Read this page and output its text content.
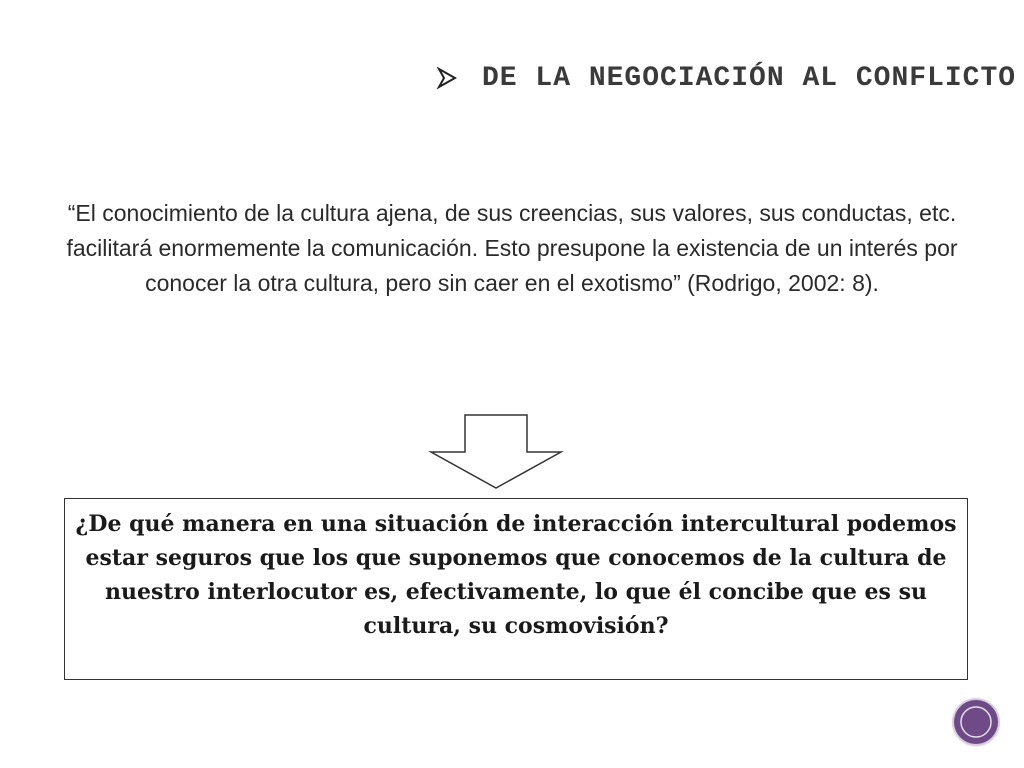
DE LA NEGOCIACIÓN AL CONFLICTO

“El conocimiento de la cultura ajena, de sus creencias, sus valores, sus conductas, etc. facilitará enormemente la comunicación. Esto presupone la existencia de un interés por conocer la otra cultura, pero sin caer en el exotismo” (Rodrigo, 2002: 8).

¿De qué manera en una situación de interacción intercultural podemos estar seguros que los que suponemos que conocemos de la cultura de nuestro interlocutor es, efectivamente, lo que él concibe que es su cultura, su cosmovisión?
